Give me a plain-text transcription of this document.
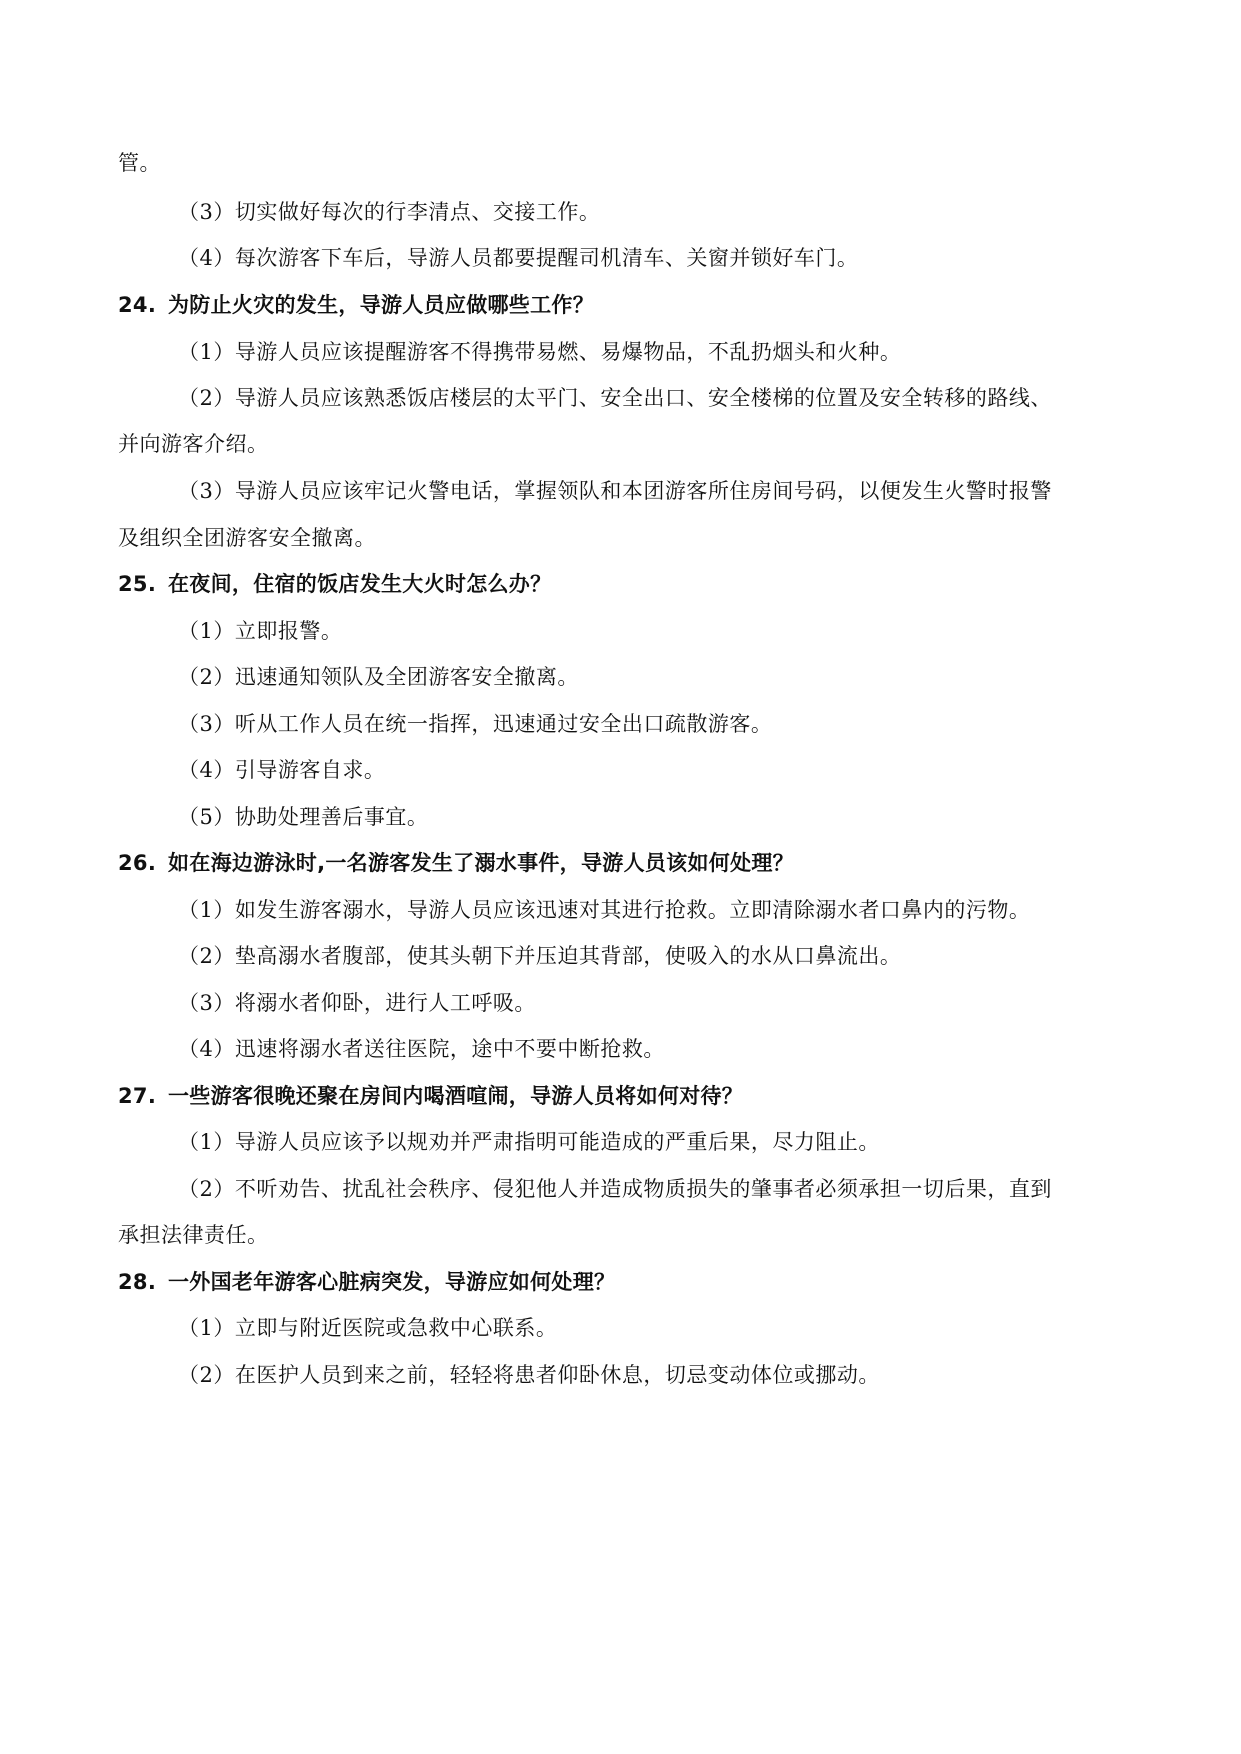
管。
（3）切实做好每次的行李清点、交接工作。
（4）每次游客下车后，导游人员都要提醒司机清车、关窗并锁好车门。
24. 为防止火灾的发生，导游人员应做哪些工作？
（1）导游人员应该提醒游客不得携带易燃、易爆物品，不乱扔烟头和火种。
（2）导游人员应该熟悉饭店楼层的太平门、安全出口、安全楼梯的位置及安全转移的路线、
并向游客介绍。
（3）导游人员应该牢记火警电话，掌握领队和本团游客所住房间号码，以便发生火警时报警
及组织全团游客安全撤离。
25. 在夜间，住宿的饭店发生大火时怎么办？
（1）立即报警。
（2）迅速通知领队及全团游客安全撤离。
（3）听从工作人员在统一指挥，迅速通过安全出口疏散游客。
（4）引导游客自求。
（5）协助处理善后事宜。
26. 如在海边游泳时,一名游客发生了溺水事件，导游人员该如何处理？
（1）如发生游客溺水，导游人员应该迅速对其进行抢救。立即清除溺水者口鼻内的污物。
（2）垫高溺水者腹部，使其头朝下并压迫其背部，使吸入的水从口鼻流出。
（3）将溺水者仰卧，进行人工呼吸。
（4）迅速将溺水者送往医院，途中不要中断抢救。
27. 一些游客很晚还聚在房间内喝酒喧闹，导游人员将如何对待？
（1）导游人员应该予以规劝并严肃指明可能造成的严重后果，尽力阻止。
（2）不听劝告、扰乱社会秩序、侵犯他人并造成物质损失的肇事者必须承担一切后果，直到
承担法律责任。
28. 一外国老年游客心脏病突发，导游应如何处理？
（1）立即与附近医院或急救中心联系。
（2）在医护人员到来之前，轻轻将患者仰卧休息，切忌变动体位或挪动。
